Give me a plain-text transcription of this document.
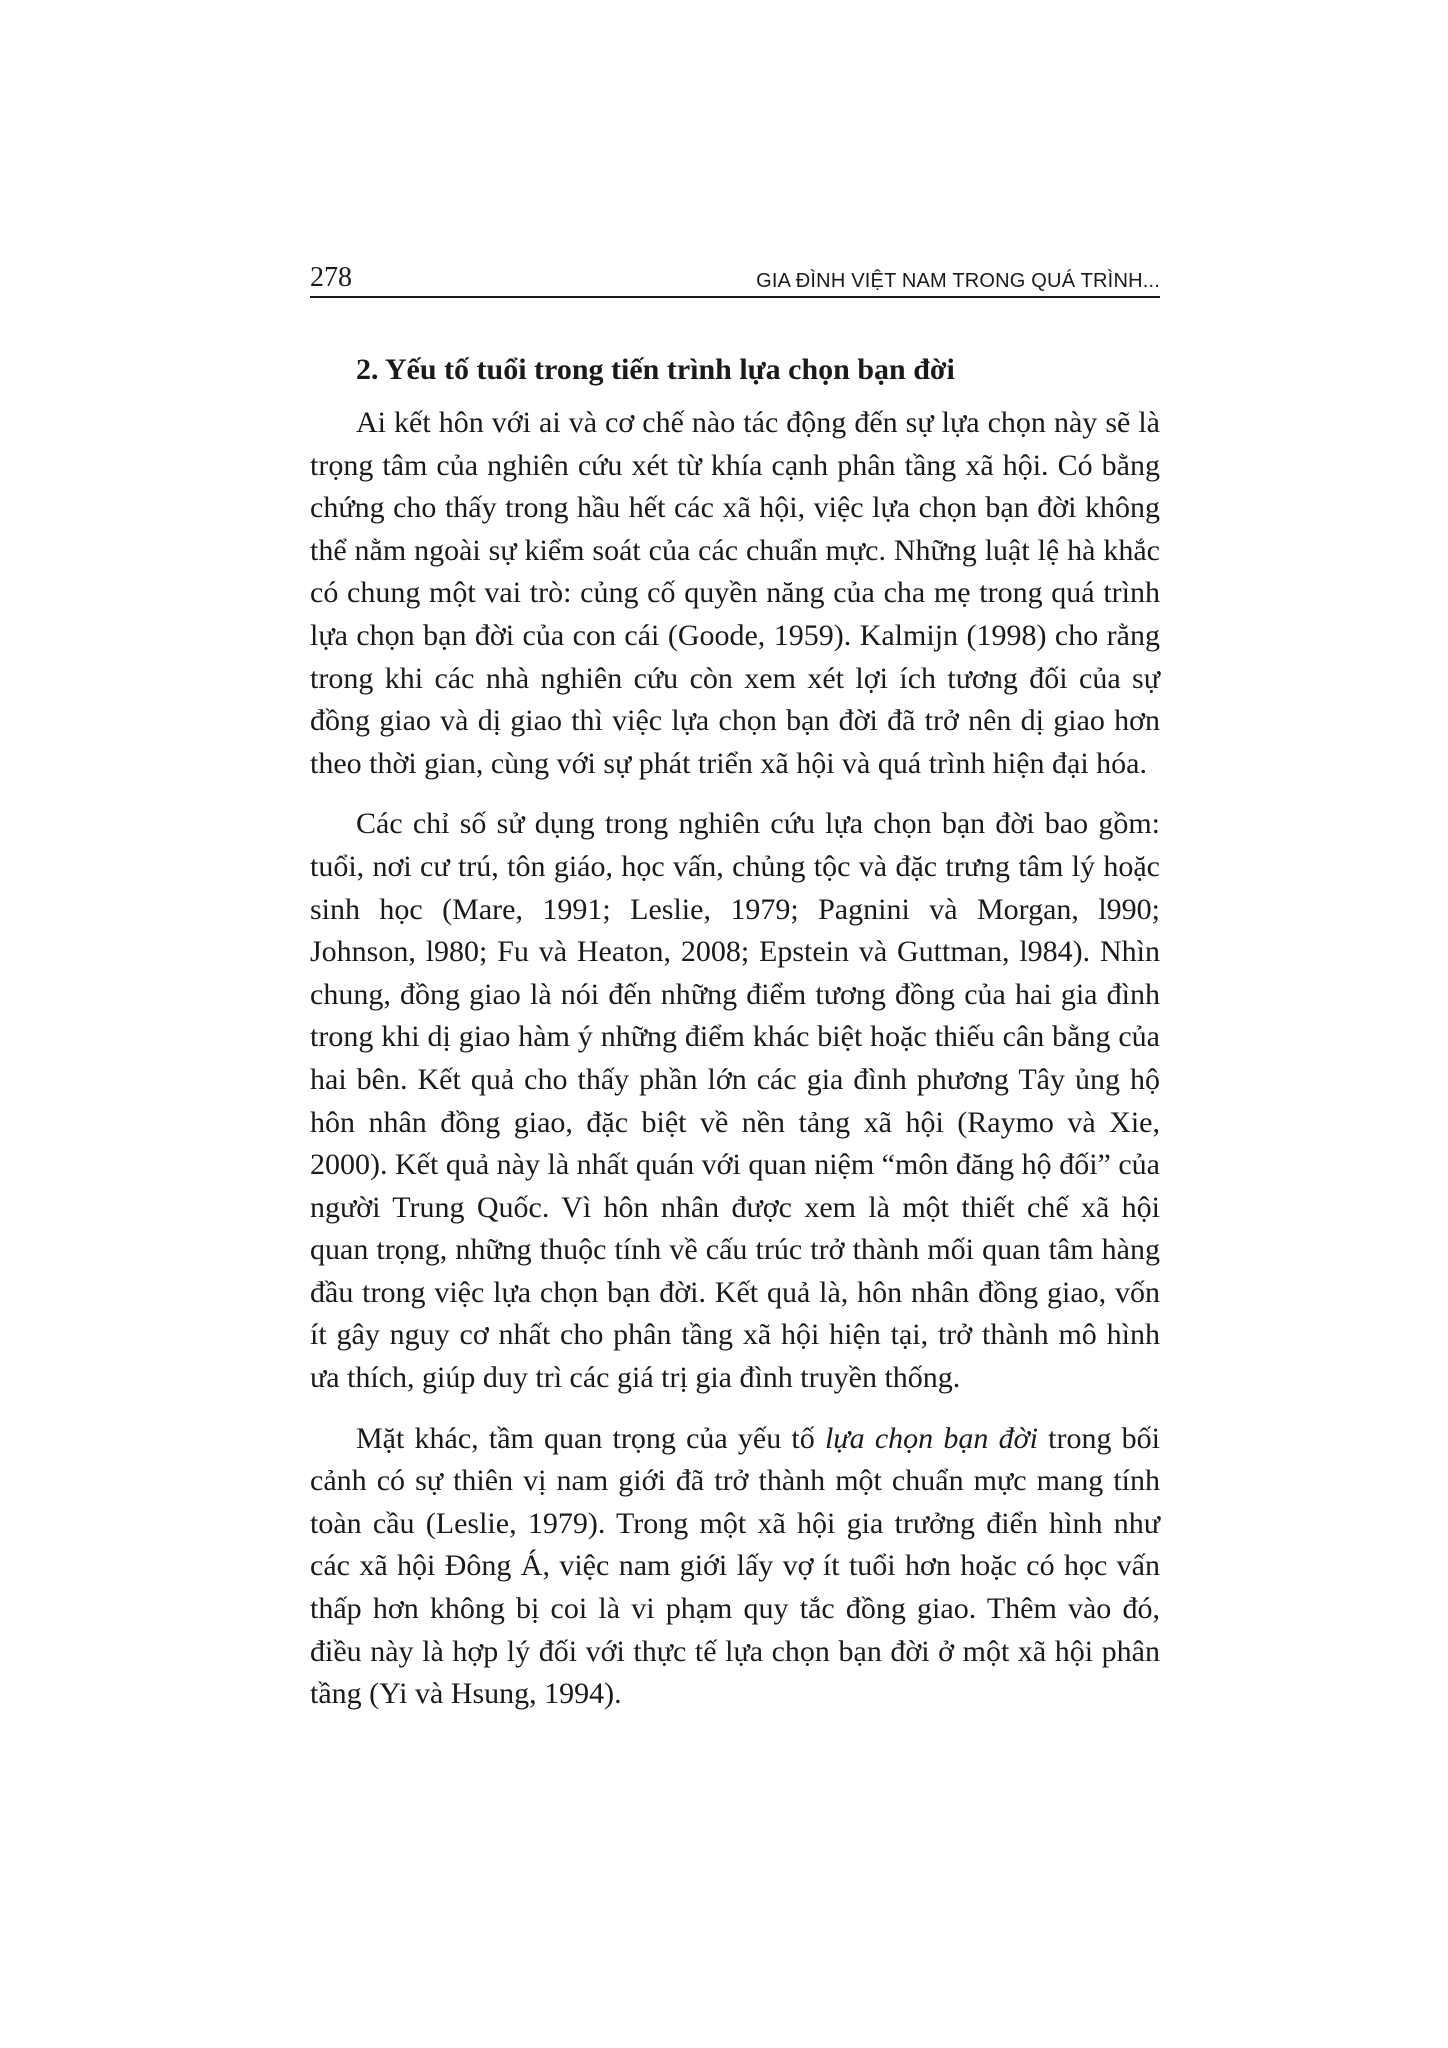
278	GIA ĐÌNH VIỆT NAM TRONG QUÁ TRÌNH...
2. Yếu tố tuổi trong tiến trình lựa chọn bạn đời

Ai kết hôn với ai và cơ chế nào tác động đến sự lựa chọn này sẽ là trọng tâm của nghiên cứu xét từ khía cạnh phân tầng xã hội. Có bằng chứng cho thấy trong hầu hết các xã hội, việc lựa chọn bạn đời không thể nằm ngoài sự kiểm soát của các chuẩn mực. Những luật lệ hà khắc có chung một vai trò: củng cố quyền năng của cha mẹ trong quá trình lựa chọn bạn đời của con cái (Goode, 1959). Kalmijn (1998) cho rằng trong khi các nhà nghiên cứu còn xem xét lợi ích tương đối của sự đồng giao và dị giao thì việc lựa chọn bạn đời đã trở nên dị giao hơn theo thời gian, cùng với sự phát triển xã hội và quá trình hiện đại hóa.

Các chỉ số sử dụng trong nghiên cứu lựa chọn bạn đời bao gồm: tuổi, nơi cư trú, tôn giáo, học vấn, chủng tộc và đặc trưng tâm lý hoặc sinh học (Mare, 1991; Leslie, 1979; Pagnini và Morgan, l990; Johnson, l980; Fu và Heaton, 2008; Epstein và Guttman, l984). Nhìn chung, đồng giao là nói đến những điểm tương đồng của hai gia đình trong khi dị giao hàm ý những điểm khác biệt hoặc thiếu cân bằng của hai bên. Kết quả cho thấy phần lớn các gia đình phương Tây ủng hộ hôn nhân đồng giao, đặc biệt về nền tảng xã hội (Raymo và Xie, 2000). Kết quả này là nhất quán với quan niệm “môn đăng hộ đối” của người Trung Quốc. Vì hôn nhân được xem là một thiết chế xã hội quan trọng, những thuộc tính về cấu trúc trở thành mối quan tâm hàng đầu trong việc lựa chọn bạn đời. Kết quả là, hôn nhân đồng giao, vốn ít gây nguy cơ nhất cho phân tầng xã hội hiện tại, trở thành mô hình ưa thích, giúp duy trì các giá trị gia đình truyền thống.

Mặt khác, tầm quan trọng của yếu tố lựa chọn bạn đời trong bối cảnh có sự thiên vị nam giới đã trở thành một chuẩn mực mang tính toàn cầu (Leslie, 1979). Trong một xã hội gia trưởng điển hình như các xã hội Đông Á, việc nam giới lấy vợ ít tuổi hơn hoặc có học vấn thấp hơn không bị coi là vi phạm quy tắc đồng giao. Thêm vào đó, điều này là hợp lý đối với thực tế lựa chọn bạn đời ở một xã hội phân tầng (Yi và Hsung, 1994).
